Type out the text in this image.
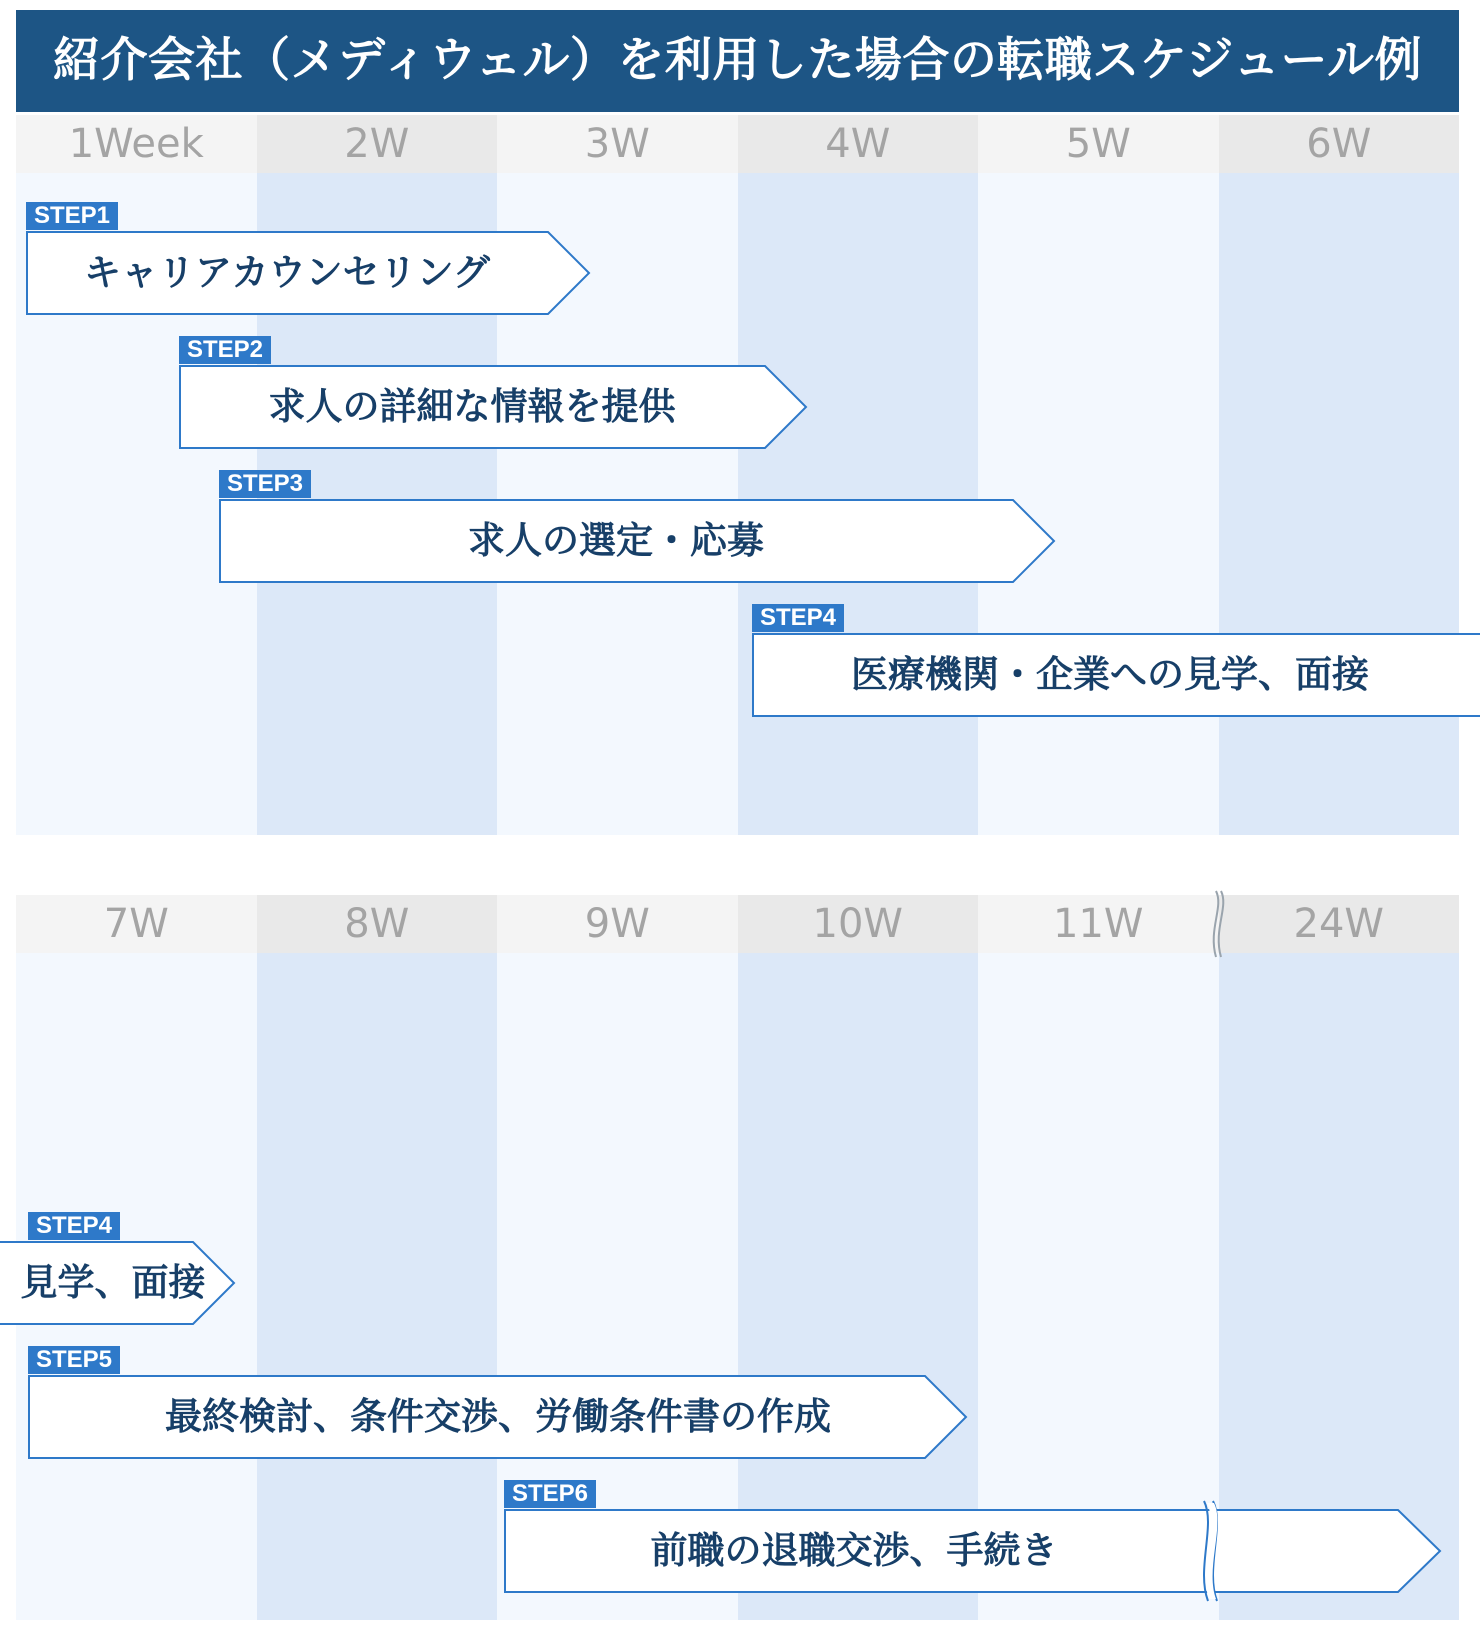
紹介会社（メディウェル）を利用した場合の転職スケジュール例
1Week	2W	3W	4W	5W	6W
7W	8W	9W	10W	11W	24W
STEP1
キャリアカウンセリング
STEP2
求人の詳細な情報を提供
STEP3
求人の選定・応募
STEP4
医療機関・企業への見学、面接
STEP4
見学、面接
STEP5
最終検討、条件交渉、労働条件書の作成
STEP6
前職の退職交渉、手続き
